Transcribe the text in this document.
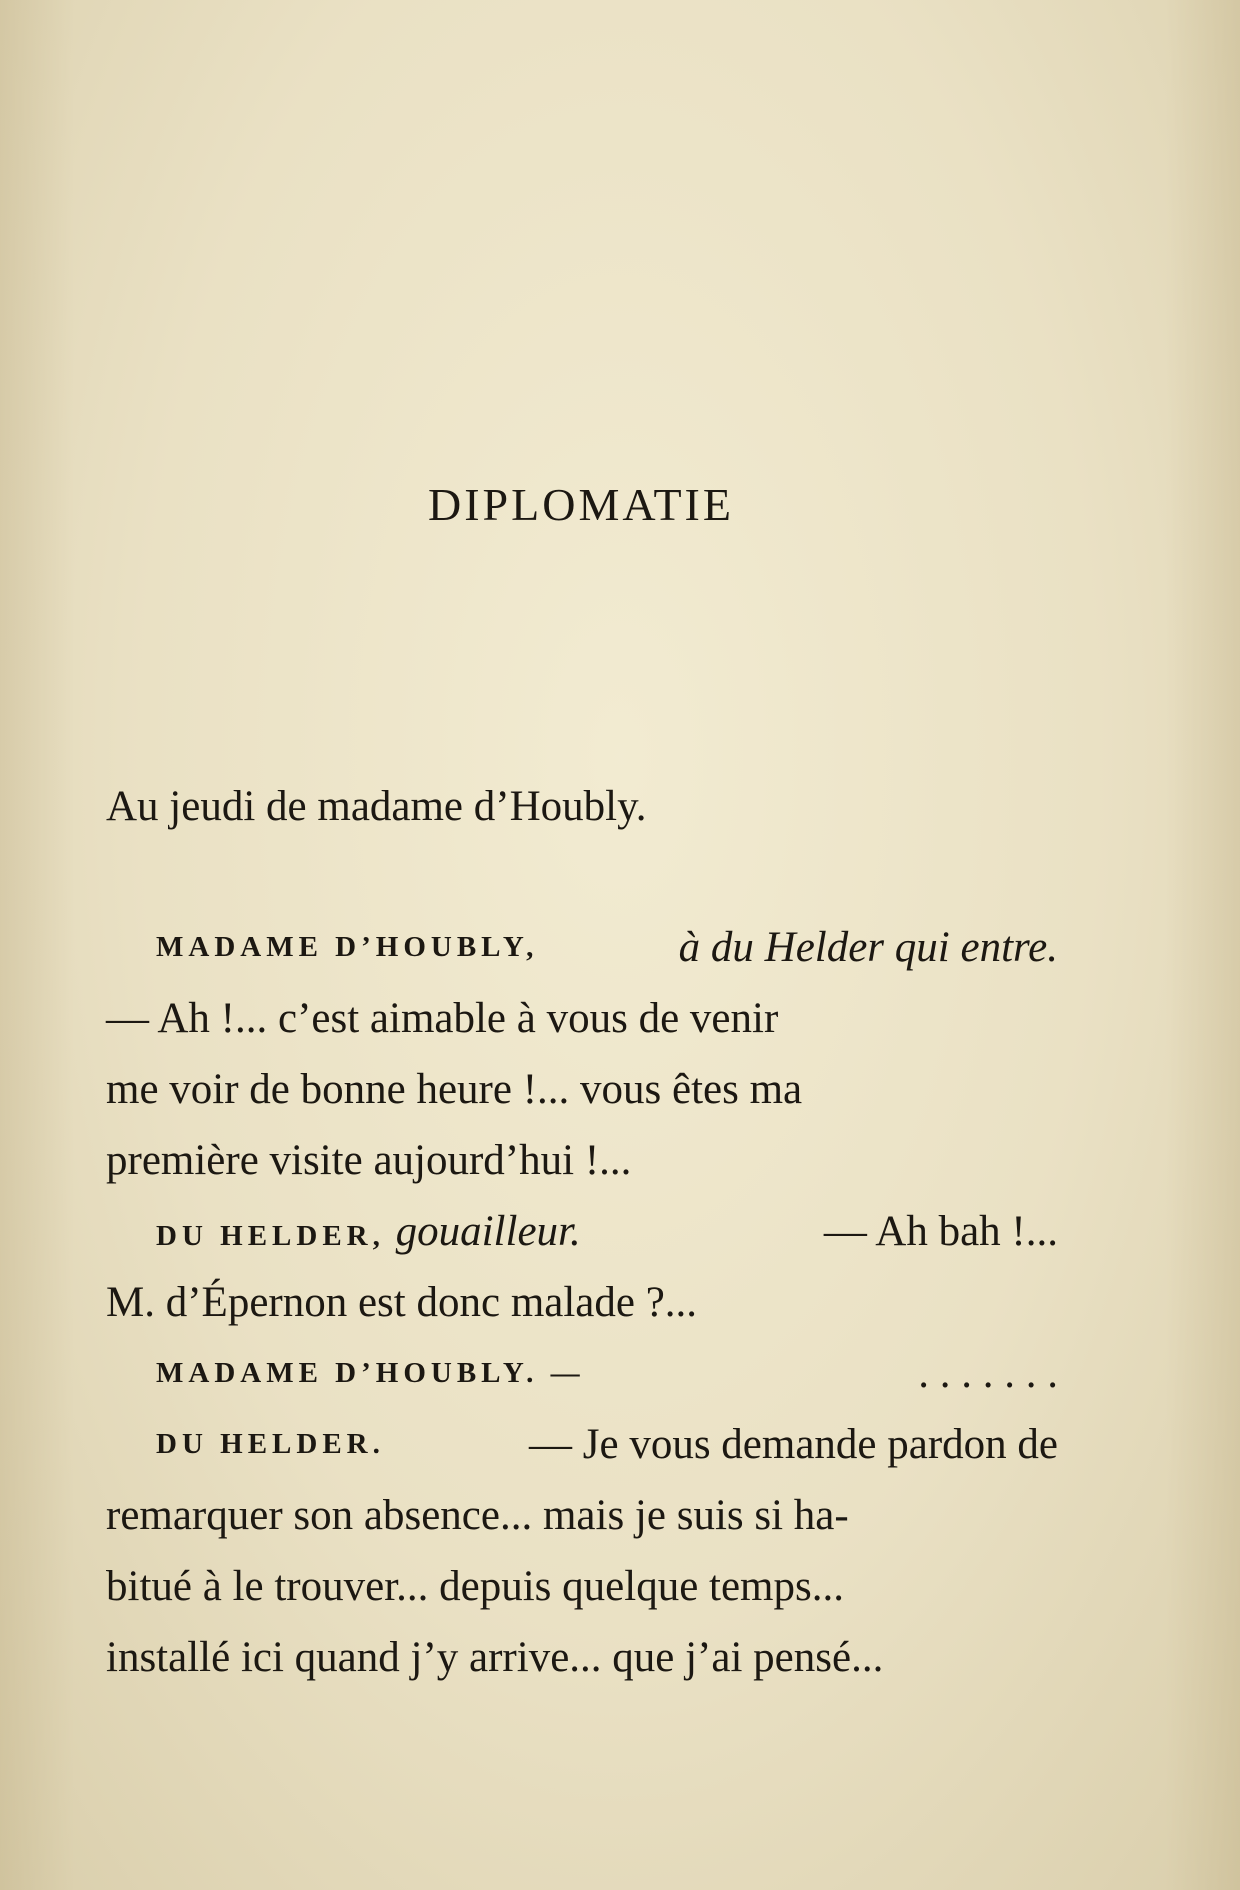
DIPLOMATIE
Au jeudi de madame d’Houbly.
MADAME D’HOUBLY,	à du Helder qui entre.
— Ah !... c’est aimable à vous de venir
me voir de bonne heure !... vous êtes ma
première visite aujourd’hui !...
DU HELDER, gouailleur.	— Ah bah !...
M. d’Épernon est donc malade ?...
MADAME D’HOUBLY. —	. . . . . . .
DU HELDER.	— Je vous demande pardon de
remarquer son absence... mais je suis si ha-
bitué à le trouver... depuis quelque temps...
installé ici quand j’y arrive... que j’ai pensé...
